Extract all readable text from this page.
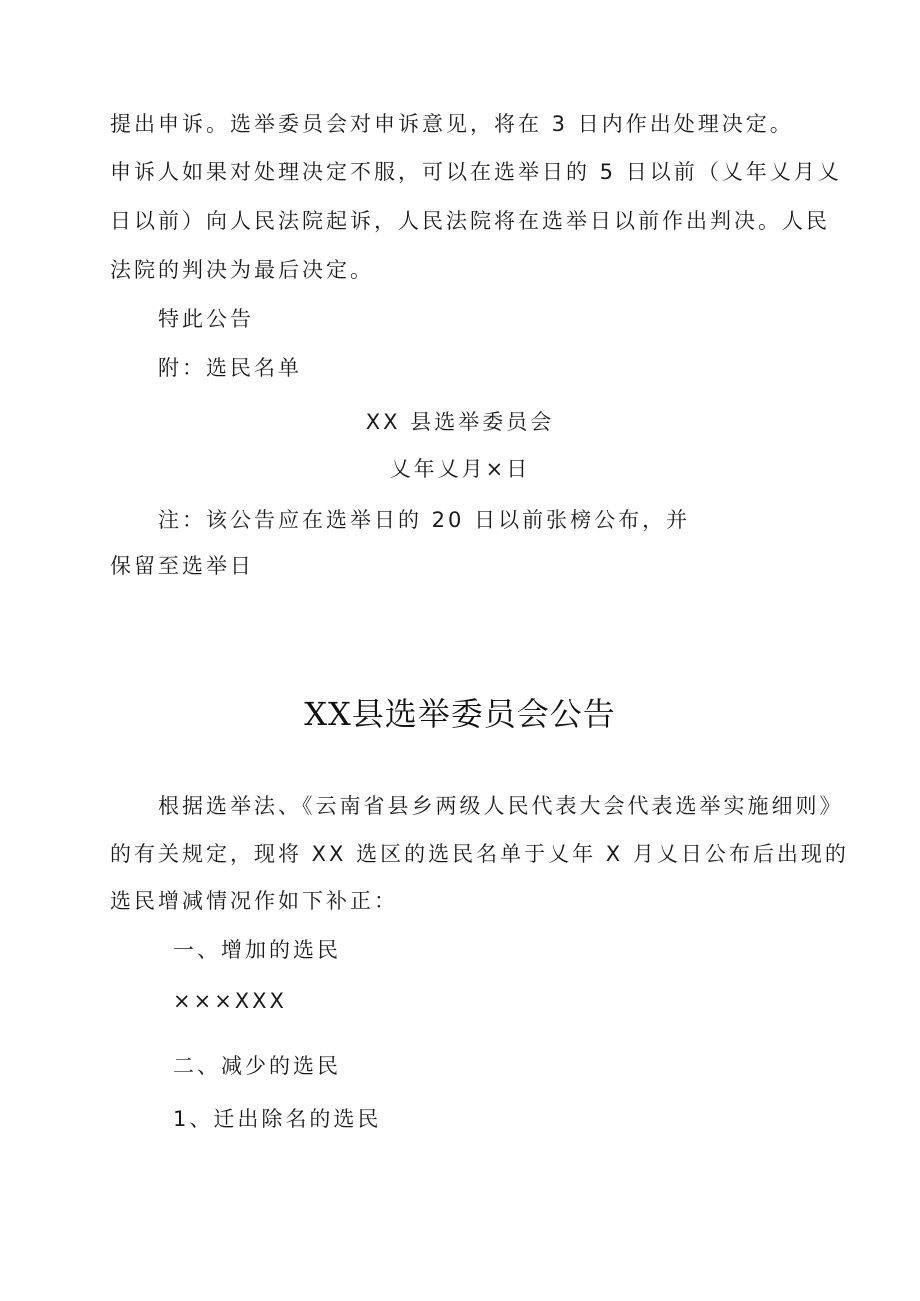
提出申诉。选举委员会对申诉意见，将在 3 日内作出处理决定。
申诉人如果对处理决定不服，可以在选举日的 5 日以前（乂年乂月乂
日以前）向人民法院起诉，人民法院将在选举日以前作出判决。人民
法院的判决为最后决定。
特此公告
附：选民名单
XX 县选举委员会
乂年乂月×日
注：该公告应在选举日的 20 日以前张榜公布，并
保留至选举日
XX县选举委员会公告
根据选举法、《云南省县乡两级人民代表大会代表选举实施细则》
的有关规定，现将 XX 选区的选民名单于乂年 X 月乂日公布后出现的
选民增减情况作如下补正：
一、增加的选民
×××XXX
二、减少的选民
1、迁出除名的选民
